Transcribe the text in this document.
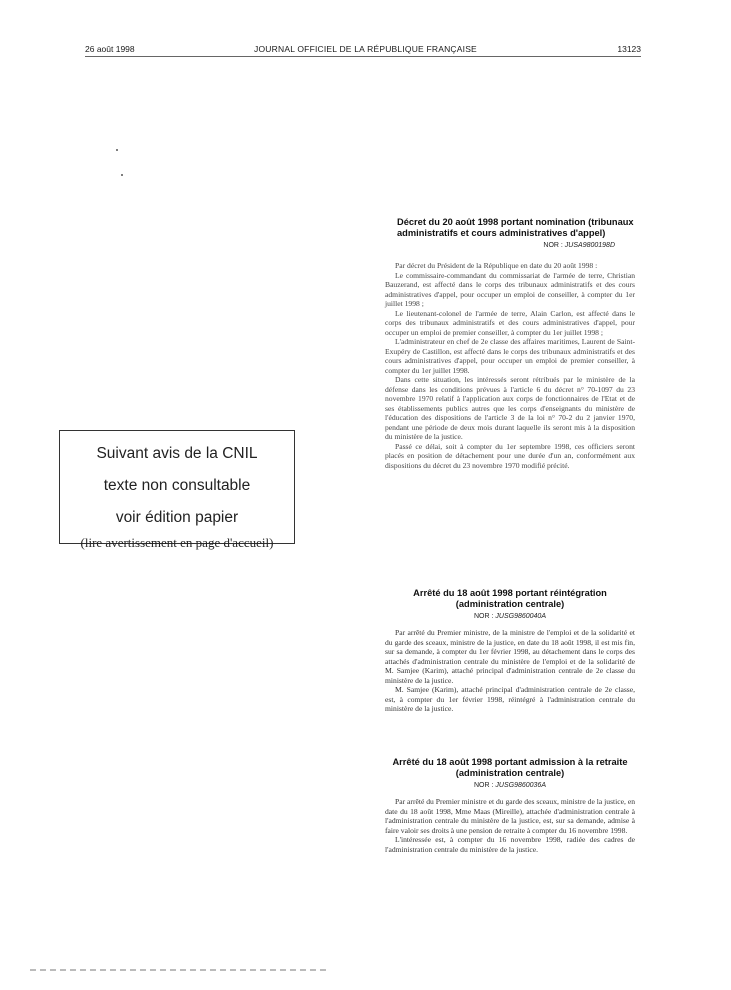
26 août 1998	JOURNAL OFFICIEL DE LA RÉPUBLIQUE FRANÇAISE	13123
Suivant avis de la CNIL
texte non consultable
voir édition papier
(lire avertissement en page d'accueil)
Décret du 20 août 1998 portant nomination (tribunaux administratifs et cours administratives d'appel)
NOR : JUSA9800198D

Par décret du Président de la République en date du 20 août 1998 :

Le commissaire-commandant du commissariat de l'armée de terre, Christian Bauzerand, est affecté dans le corps des tribunaux administratifs et des cours administratives d'appel, pour occuper un emploi de conseiller, à compter du 1er juillet 1998 ;

Le lieutenant-colonel de l'armée de terre, Alain Carlon, est affecté dans le corps des tribunaux administratifs et des cours administratives d'appel, pour occuper un emploi de premier conseiller, à compter du 1er juillet 1998 ;

L'administrateur en chef de 2e classe des affaires maritimes, Laurent de Saint-Exupéry de Castillon, est affecté dans le corps des tribunaux administratifs et des cours administratives d'appel, pour occuper un emploi de premier conseiller, à compter du 1er juillet 1998.

Dans cette situation, les intéressés seront rétribués par le ministère de la défense dans les conditions prévues à l'article 6 du décret n° 70-1097 du 23 novembre 1970 relatif à l'application aux corps de fonctionnaires de l'Etat et de ses établissements publics autres que les corps d'enseignants du ministère de l'éducation des dispositions de l'article 3 de la loi n° 70-2 du 2 janvier 1970, pendant une période de deux mois durant laquelle ils seront mis à la disposition du ministère de la justice.

Passé ce délai, soit à compter du 1er septembre 1998, ces officiers seront placés en position de détachement pour une durée d'un an, conformément aux dispositions du décret du 23 novembre 1970 modifié précité.

Arrêté du 18 août 1998 portant réintégration (administration centrale)
NOR : JUSG9860040A

Par arrêté du Premier ministre, de la ministre de l'emploi et de la solidarité et du garde des sceaux, ministre de la justice, en date du 18 août 1998, il est mis fin, sur sa demande, à compter du 1er février 1998, au détachement dans le corps des attachés d'administration centrale du ministère de l'emploi et de la solidarité de M. Samjee (Karim), attaché principal d'administration centrale de 2e classe du ministère de la justice.

M. Samjee (Karim), attaché principal d'administration centrale de 2e classe, est, à compter du 1er février 1998, réintégré à l'administration centrale du ministère de la justice.

Arrêté du 18 août 1998 portant admission à la retraite (administration centrale)
NOR : JUSG9860036A

Par arrêté du Premier ministre et du garde des sceaux, ministre de la justice, en date du 18 août 1998, Mme Maas (Mireille), attachée d'administration centrale à l'administration centrale du ministère de la justice, est, sur sa demande, admise à faire valoir ses droits à une pension de retraite à compter du 16 novembre 1998.

L'intéressée est, à compter du 16 novembre 1998, radiée des cadres de l'administration centrale du ministère de la justice.
